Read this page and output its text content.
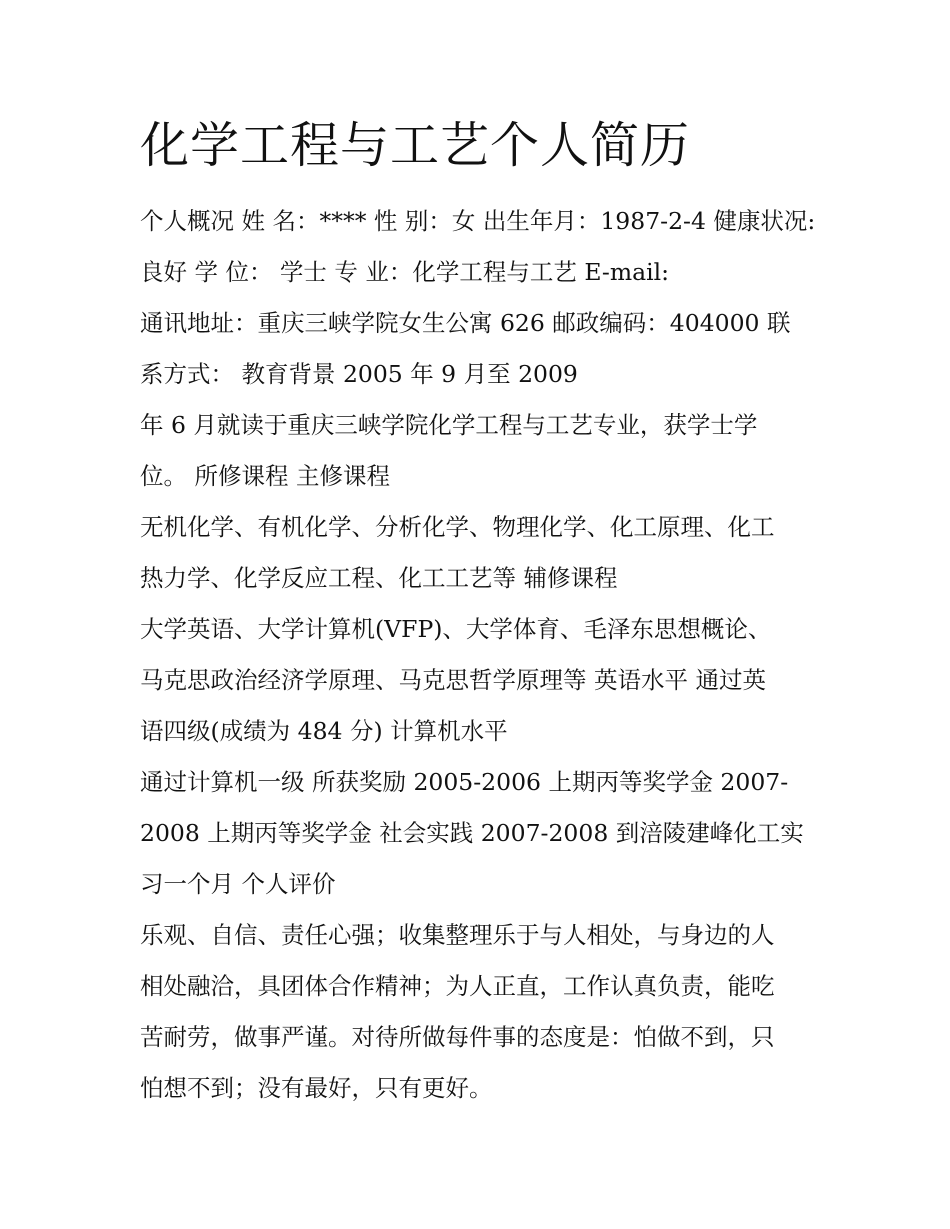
化学工程与工艺个人简历
个人概况 姓 名：**** 性 别：女 出生年月：1987-2-4 健康状况:
良好 学 位： 学士 专 业：化学工程与工艺 E-mail:
通讯地址：重庆三峡学院女生公寓 626 邮政编码：404000 联
系方式： 教育背景 2005 年 9 月至 2009
年 6 月就读于重庆三峡学院化学工程与工艺专业，获学士学
位。 所修课程 主修课程
无机化学、有机化学、分析化学、物理化学、化工原理、化工
热力学、化学反应工程、化工工艺等 辅修课程
大学英语、大学计算机(VFP)、大学体育、毛泽东思想概论、
马克思政治经济学原理、马克思哲学原理等 英语水平 通过英
语四级(成绩为 484 分) 计算机水平
通过计算机一级 所获奖励 2005-2006 上期丙等奖学金 2007-
2008 上期丙等奖学金 社会实践 2007-2008 到涪陵建峰化工实
习一个月 个人评价
乐观、自信、责任心强；收集整理乐于与人相处，与身边的人
相处融洽，具团体合作精神；为人正直，工作认真负责，能吃
苦耐劳，做事严谨。对待所做每件事的态度是：怕做不到，只
怕想不到；没有最好，只有更好。
